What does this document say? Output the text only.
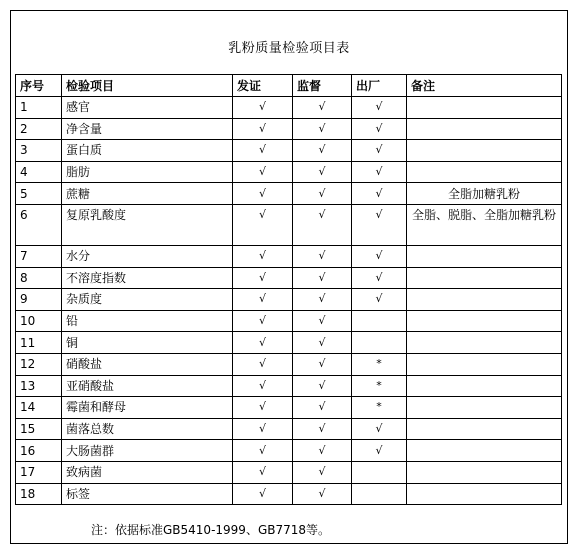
乳粉质量检验项目表
序号	检验项目	发证	监督	出厂	备注
1	感官	√	√	√	
2	净含量	√	√	√	
3	蛋白质	√	√	√	
4	脂肪	√	√	√	
5	蔗糖	√	√	√	全脂加糖乳粉
6	复原乳酸度	√	√	√	全脂、脱脂、全脂加糖乳粉
7	水分	√	√	√	
8	不溶度指数	√	√	√	
9	杂质度	√	√	√	
10	铅	√	√		
11	铜	√	√		
12	硝酸盐	√	√	*	
13	亚硝酸盐	√	√	*	
14	霉菌和酵母	√	√	*	
15	菌落总数	√	√	√	
16	大肠菌群	√	√	√	
17	致病菌	√	√		
18	标签	√	√		
注：依据标准GB5410-1999、GB7718等。
